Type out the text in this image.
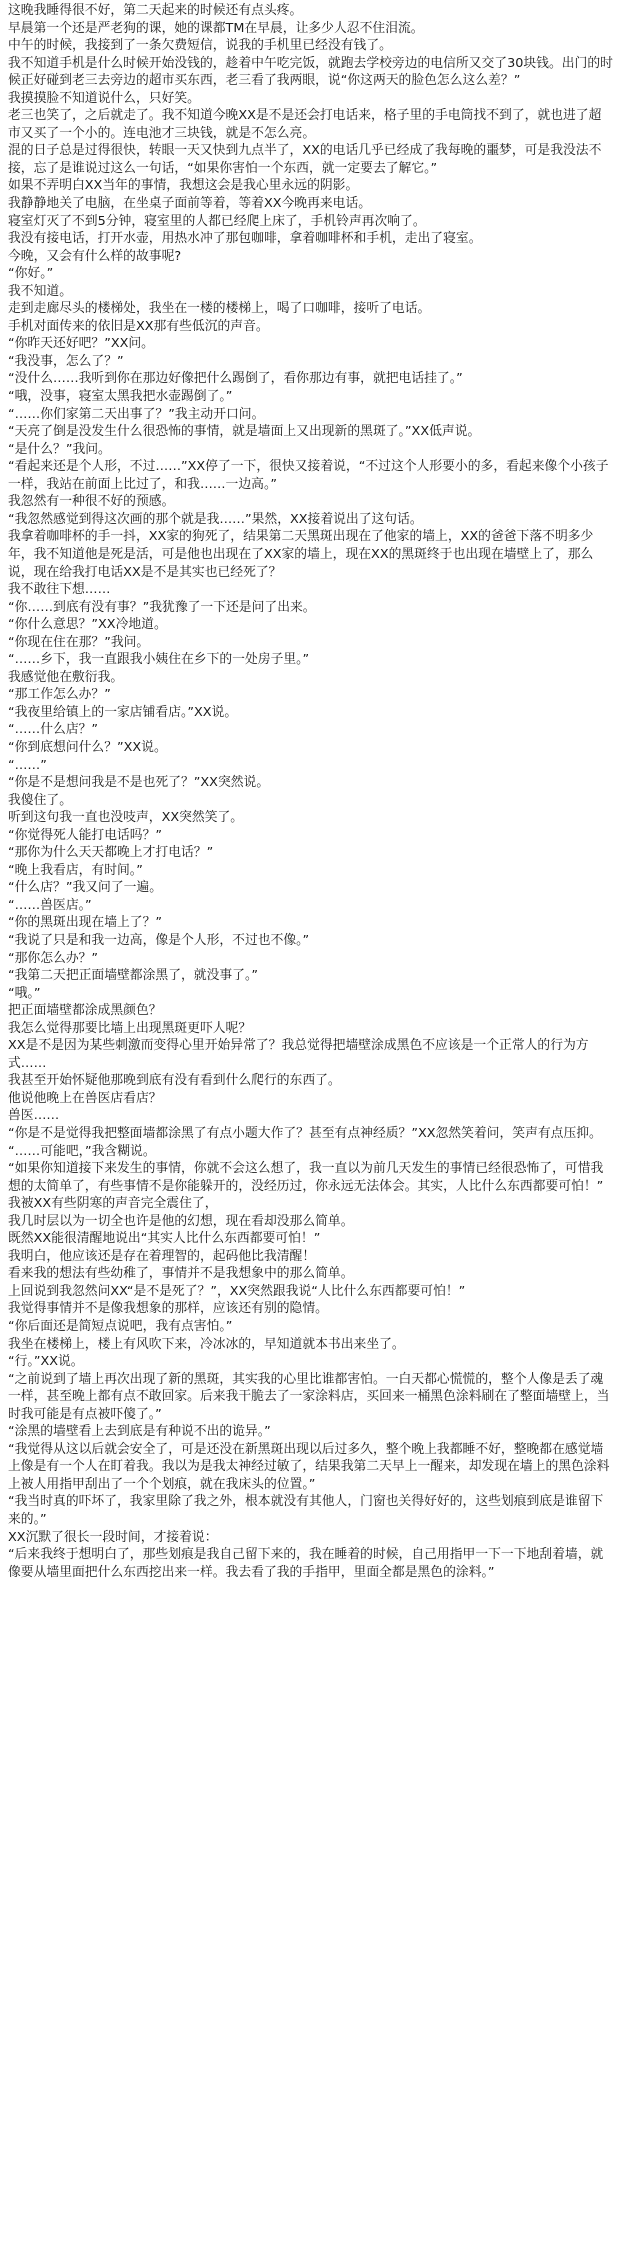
这晚我睡得很不好，第二天起来的时候还有点头疼。

早晨第一个还是严老狗的课，她的课都TM在早晨，让多少人忍不住泪流。

中午的时候，我接到了一条欠费短信，说我的手机里已经没有钱了。

我不知道手机是什么时候开始没钱的，趁着中午吃完饭，就跑去学校旁边的电信所又交了30块钱。出门的时候正好碰到老三去旁边的超市买东西，老三看了我两眼，说“你这两天的脸色怎么这么差？”

我摸摸脸不知道说什么，只好笑。

老三也笑了，之后就走了。我不知道今晚XX是不是还会打电话来，格子里的手电筒找不到了，就也进了超市又买了一个小的。连电池才三块钱，就是不怎么亮。

混的日子总是过得很快，转眼一天又快到九点半了，XX的电话几乎已经成了我每晚的噩梦，可是我没法不接，忘了是谁说过这么一句话，“如果你害怕一个东西，就一定要去了解它。”

如果不弄明白XX当年的事情，我想这会是我心里永远的阴影。

我静静地关了电脑，在坐桌子面前等着，等着XX今晚再来电话。

寝室灯灭了不到5分钟，寝室里的人都已经爬上床了，手机铃声再次响了。

我没有接电话，打开水壶，用热水冲了那包咖啡，拿着咖啡杯和手机，走出了寝室。

今晚，又会有什么样的故事呢?

“你好。”

我不知道。

走到走廊尽头的楼梯处，我坐在一楼的楼梯上，喝了口咖啡，接听了电话。

手机对面传来的依旧是XX那有些低沉的声音。

“你昨天还好吧？”XX问。

“我没事，怎么了？”

“没什么……我听到你在那边好像把什么踢倒了，看你那边有事，就把电话挂了。”

“哦，没事，寝室太黑我把水壶踢倒了。”

“……你们家第二天出事了？”我主动开口问。

“天亮了倒是没发生什么很恐怖的事情，就是墙面上又出现新的黑斑了。”XX低声说。

“是什么？”我问。

“看起来还是个人形，不过……”XX停了一下，很快又接着说，“不过这个人形要小的多，看起来像个小孩子一样，我站在前面上比过了，和我……一边高。”

我忽然有一种很不好的预感。

“我忽然感觉到得这次画的那个就是我……”果然，XX接着说出了这句话。

我拿着咖啡杯的手一抖，XX家的狗死了，结果第二天黑斑出现在了他家的墙上，XX的爸爸下落不明多少年，我不知道他是死是活，可是他也出现在了XX家的墙上，现在XX的黑斑终于也出现在墙壁上了，那么说，现在给我打电话XX是不是其实也已经死了？

我不敢往下想……

“你……到底有没有事？”我犹豫了一下还是问了出来。

“你什么意思？”XX冷地道。

“你现在住在那？”我问。

“……乡下，我一直跟我小姨住在乡下的一处房子里。”

我感觉他在敷衍我。

“那工作怎么办？”

“我夜里给镇上的一家店铺看店。”XX说。

“……什么店？”

“你到底想问什么？”XX说。

“……”

“你是不是想问我是不是也死了？”XX突然说。

我傻住了。

听到这句我一直也没吱声，XX突然笑了。

“你觉得死人能打电话吗？”

“那你为什么天天都晚上才打电话？”

“晚上我看店，有时间。”

“什么店？”我又问了一遍。

“……兽医店。”

“你的黑斑出现在墙上了？”

“我说了只是和我一边高，像是个人形，不过也不像。”

“那你怎么办？”

“我第二天把正面墙壁都涂黑了，就没事了。”

“哦。”

把正面墙壁都涂成黑颜色？

我怎么觉得那要比墙上出现黑斑更吓人呢？

XX是不是因为某些刺激而变得心里开始异常了？我总觉得把墙壁涂成黑色不应该是一个正常人的行为方式……

我甚至开始怀疑他那晚到底有没有看到什么爬行的东西了。

他说他晚上在兽医店看店？

兽医……

“你是不是觉得我把整面墙都涂黑了有点小题大作了？甚至有点神经质？”XX忽然笑着问，笑声有点压抑。

“……可能吧，”我含糊说。

“如果你知道接下来发生的事情，你就不会这么想了，我一直以为前几天发生的事情已经很恐怖了，可惜我想的太简单了，有些事情不是你能躲开的，没经历过，你永远无法体会。其实，人比什么东西都要可怕！”

我被XX有些阴寒的声音完全震住了，

我几时层以为一切全也许是他的幻想，现在看却没那么简单。

既然XX能很清醒地说出“其实人比什么东西都要可怕！”

我明白，他应该还是存在着理智的，起码他比我清醒！

看来我的想法有些幼稚了，事情并不是我想象中的那么简单。

上回说到我忽然问XX“是不是死了？”，XX突然跟我说“人比什么东西都要可怕！”

我觉得事情并不是像我想象的那样，应该还有别的隐情。

“你后面还是简短点说吧，我有点害怕。”

我坐在楼梯上，楼上有风吹下来，冷冰冰的，早知道就本书出来坐了。

“行。”XX说。

“之前说到了墙上再次出现了新的黑斑，其实我的心里比谁都害怕。一白天都心慌慌的，整个人像是丢了魂一样，甚至晚上都有点不敢回家。后来我干脆去了一家涂料店，买回来一桶黑色涂料刷在了整面墙壁上，当时我可能是有点被吓傻了。”

“涂黑的墙壁看上去到底是有种说不出的诡异。”

“我觉得从这以后就会安全了，可是还没在新黑斑出现以后过多久，整个晚上我都睡不好，整晚都在感觉墙上像是有一个人在盯着我。我以为是我太神经过敏了，结果我第二天早上一醒来，却发现在墙上的黑色涂料上被人用指甲刮出了一个个划痕，就在我床头的位置。”

“我当时真的吓坏了，我家里除了我之外，根本就没有其他人，门窗也关得好好的，这些划痕到底是谁留下来的。”

XX沉默了很长一段时间，才接着说：

“后来我终于想明白了，那些划痕是我自己留下来的，我在睡着的时候，自己用指甲一下一下地刮着墙，就像要从墙里面把什么东西挖出来一样。我去看了我的手指甲，里面全都是黑色的涂料。”
